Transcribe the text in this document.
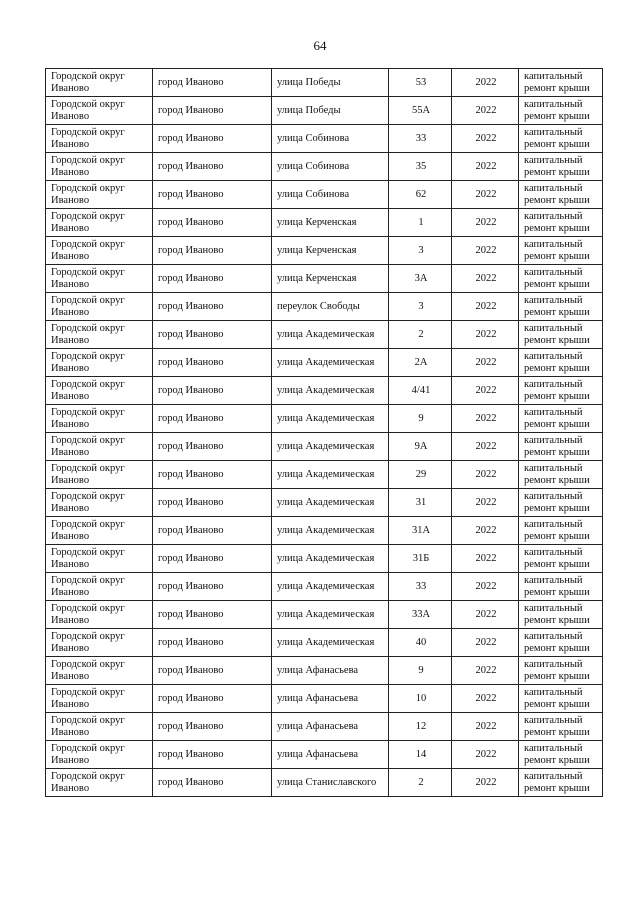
64
Городской округ Иваново	город Иваново	улица Победы	53	2022	капитальный ремонт крыши
Городской округ Иваново	город Иваново	улица Победы	55А	2022	капитальный ремонт крыши
Городской округ Иваново	город Иваново	улица Собинова	33	2022	капитальный ремонт крыши
Городской округ Иваново	город Иваново	улица Собинова	35	2022	капитальный ремонт крыши
Городской округ Иваново	город Иваново	улица Собинова	62	2022	капитальный ремонт крыши
Городской округ Иваново	город Иваново	улица Керченская	1	2022	капитальный ремонт крыши
Городской округ Иваново	город Иваново	улица Керченская	3	2022	капитальный ремонт крыши
Городской округ Иваново	город Иваново	улица Керченская	3А	2022	капитальный ремонт крыши
Городской округ Иваново	город Иваново	переулок Свободы	3	2022	капитальный ремонт крыши
Городской округ Иваново	город Иваново	улица Академическая	2	2022	капитальный ремонт крыши
Городской округ Иваново	город Иваново	улица Академическая	2А	2022	капитальный ремонт крыши
Городской округ Иваново	город Иваново	улица Академическая	4/41	2022	капитальный ремонт крыши
Городской округ Иваново	город Иваново	улица Академическая	9	2022	капитальный ремонт крыши
Городской округ Иваново	город Иваново	улица Академическая	9А	2022	капитальный ремонт крыши
Городской округ Иваново	город Иваново	улица Академическая	29	2022	капитальный ремонт крыши
Городской округ Иваново	город Иваново	улица Академическая	31	2022	капитальный ремонт крыши
Городской округ Иваново	город Иваново	улица Академическая	31А	2022	капитальный ремонт крыши
Городской округ Иваново	город Иваново	улица Академическая	31Б	2022	капитальный ремонт крыши
Городской округ Иваново	город Иваново	улица Академическая	33	2022	капитальный ремонт крыши
Городской округ Иваново	город Иваново	улица Академическая	33А	2022	капитальный ремонт крыши
Городской округ Иваново	город Иваново	улица Академическая	40	2022	капитальный ремонт крыши
Городской округ Иваново	город Иваново	улица Афанасьева	9	2022	капитальный ремонт крыши
Городской округ Иваново	город Иваново	улица Афанасьева	10	2022	капитальный ремонт крыши
Городской округ Иваново	город Иваново	улица Афанасьева	12	2022	капитальный ремонт крыши
Городской округ Иваново	город Иваново	улица Афанасьева	14	2022	капитальный ремонт крыши
Городской округ Иваново	город Иваново	улица Станиславского	2	2022	капитальный ремонт крыши
